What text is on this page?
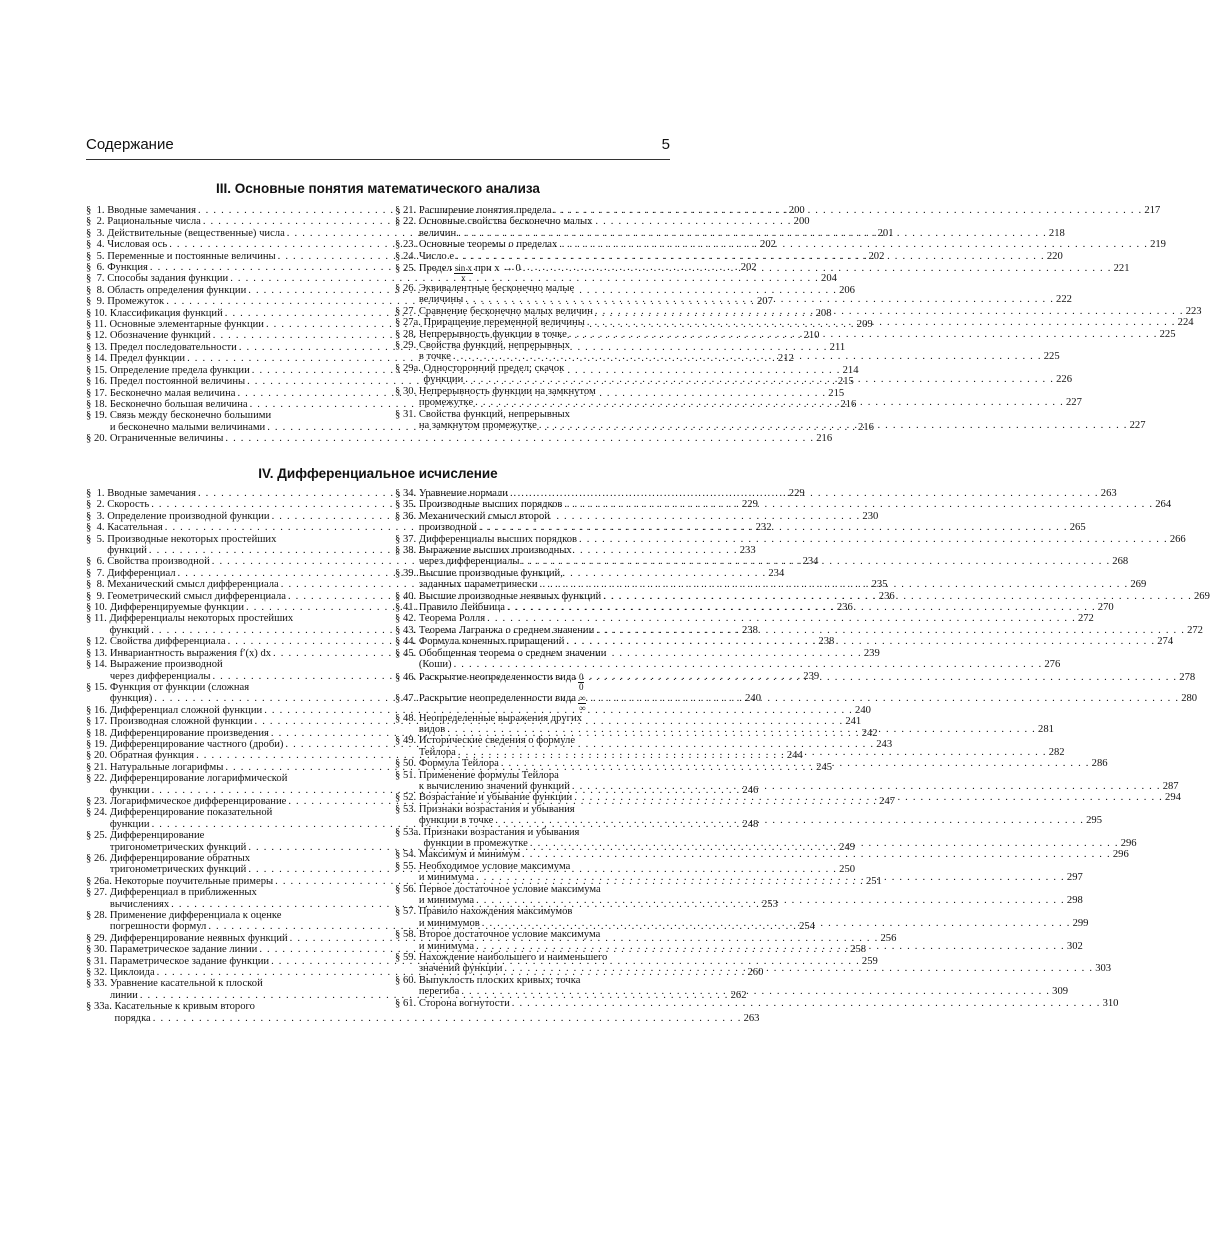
Содержание	5
III. Основные понятия математического анализа
§  1. Вводные замечания . . .	200
§  2. Рациональные числа . . .	200
§  3. Действительные (вещественные) числа . . .	201
§  4. Числовая ось . . .	202
§  5. Переменные и постоянные величины . . .	202
§  6. Функция . . .	202
§  7. Способы задания функции . . .	204
§  8. Область определения функции . . .	206
§  9. Промежуток . . .	207
§ 10. Классификация функций . . .	208
§ 11. Основные элементарные функции . . .	209
§ 12. Обозначение функций . . .	210
§ 13. Предел последовательности . . .	211
§ 14. Предел функции . . .	212
§ 15. Определение предела функции . . .	214
§ 16. Предел постоянной величины . . .	215
§ 17. Бесконечно малая величина . . .	215
§ 18. Бесконечно большая величина . . .	216
§ 19. Связь между бесконечно большими
и бесконечно малыми величинами . . .	216
§ 20. Ограниченные величины . . .	216
§ 21. Расширение понятия предела . . .	217
§ 22. Основные свойства бесконечно малых
величин . . .	218
§ 23. Основные теоремы о пределах . . .	219
§ 24. Число e . . .	220
§ 25. Предел $\frac{\text{sin x}}{x}$ при x → 0 . . .	221
§ 26. Эквивалентные бесконечно малые
величины . . .	222
§ 27. Сравнение бесконечно малых величин . . .	223
§ 27а. Приращение переменной величины . . .	224
§ 28. Непрерывность функции в точке . . .	225
§ 29. Свойства функций, непрерывных
в точке . . .	225
§ 29а. Односторонний предел; скачок
функции . . .	226
§ 30. Непрерывность функции на замкнутом
промежутке . . .	227
§ 31. Свойства функций, непрерывных
на замкнутом промежутке . . .	227
IV. Дифференциальное исчисление
§  1. Вводные замечания . . .	229
§  2. Скорость . . .	229
§  3. Определение производной функции . . .	230
§  4. Касательная . . .	232
§  5. Производные некоторых простейших
функций . . .	233
§  6. Свойства производной . . .	234
§  7. Дифференциал . . .	234
§  8. Механический смысл дифференциала . . .	235
§  9. Геометрический смысл дифференциала . . .	236
§ 10. Дифференцируемые функции . . .	236
§ 11. Дифференциалы некоторых простейших
функций . . .	238
§ 12. Свойства дифференциала . . .	238
§ 13. Инвариантность выражения f′(x) dx . . .	239
§ 14. Выражение производной
через дифференциалы . . .	239
§ 15. Функция от функции (сложная
функция) . . .	240
§ 16. Дифференциал сложной функции . . .	240
§ 17. Производная сложной функции . . .	241
§ 18. Дифференцирование произведения . . .	242
§ 19. Дифференцирование частного (дроби) . . .	243
§ 20. Обратная функция . . .	244
§ 21. Натуральные логарифмы . . .	245
§ 22. Дифференцирование логарифмической
функции . . .	246
§ 23. Логарифмическое дифференцирование . . .	247
§ 24. Дифференцирование показательной
функции . . .	248
§ 25. Дифференцирование
тригонометрических функций . . .	249
§ 26. Дифференцирование обратных
тригонометрических функций . . .	250
§ 26а. Некоторые поучительные примеры . . .	251
§ 27. Дифференциал в приближенных
вычислениях . . .	253
§ 28. Применение дифференциала к оценке
погрешности формул . . .	254
§ 29. Дифференцирование неявных функций . . .	256
§ 30. Параметрическое задание линии . . .	258
§ 31. Параметрическое задание функции . . .	259
§ 32. Циклоида . . .	260
§ 33. Уравнение касательной к плоской
линии . . .	262
§ 33а. Касательные к кривым второго
порядка . . .	263
§ 34. Уравнение нормали . . .	263
§ 35. Производные высших порядков . . .	264
§ 36. Механический смысл второй
производной . . .	265
§ 37. Дифференциалы высших порядков . . .	266
§ 38. Выражение высших производных
через дифференциалы . . .	268
§ 39. Высшие производные функций,
заданных параметрически . . .	269
§ 40. Высшие производные неявных функций . . .	269
§ 41. Правило Лейбница . . .	270
§ 42. Теорема Ролля . . .	272
§ 43. Теорема Лагранжа о среднем значении . . .	272
§ 44. Формула конечных приращений . . .	274
§ 45. Обобщенная теорема о среднем значении
(Коши) . . .	276
§ 46. Раскрытие неопределенности вида $\frac{0}{0}$ . . .	278
§ 47. Раскрытие неопределенности вида $\frac{\infty}{\infty}$ . . .	280
§ 48. Неопределенные выражения других
видов . . .	281
§ 49. Исторические сведения о формуле
Тейлора . . .	282
§ 50. Формула Тейлора . . .	286
§ 51. Применение формулы Тейлора
к вычислению значений функций . . .	287
§ 52. Возрастание и убывание функции . . .	294
§ 53. Признаки возрастания и убывания
функции в точке . . .	295
§ 53а. Признаки возрастания и убывания
функции в промежутке . . .	296
§ 54. Максимум и минимум . . .	296
§ 55. Необходимое условие максимума
и минимума . . .	297
§ 56. Первое достаточное условие максимума
и минимума . . .	298
§ 57. Правило нахождения максимумов
и минимумов . . .	299
§ 58. Второе достаточное условие максимума
и минимума . . .	302
§ 59. Нахождение наибольшего и наименьшего
значений функции . . .	303
§ 60. Выпуклость плоских кривых; точка
перегиба . . .	309
§ 61. Сторона вогнутости . . .	310
